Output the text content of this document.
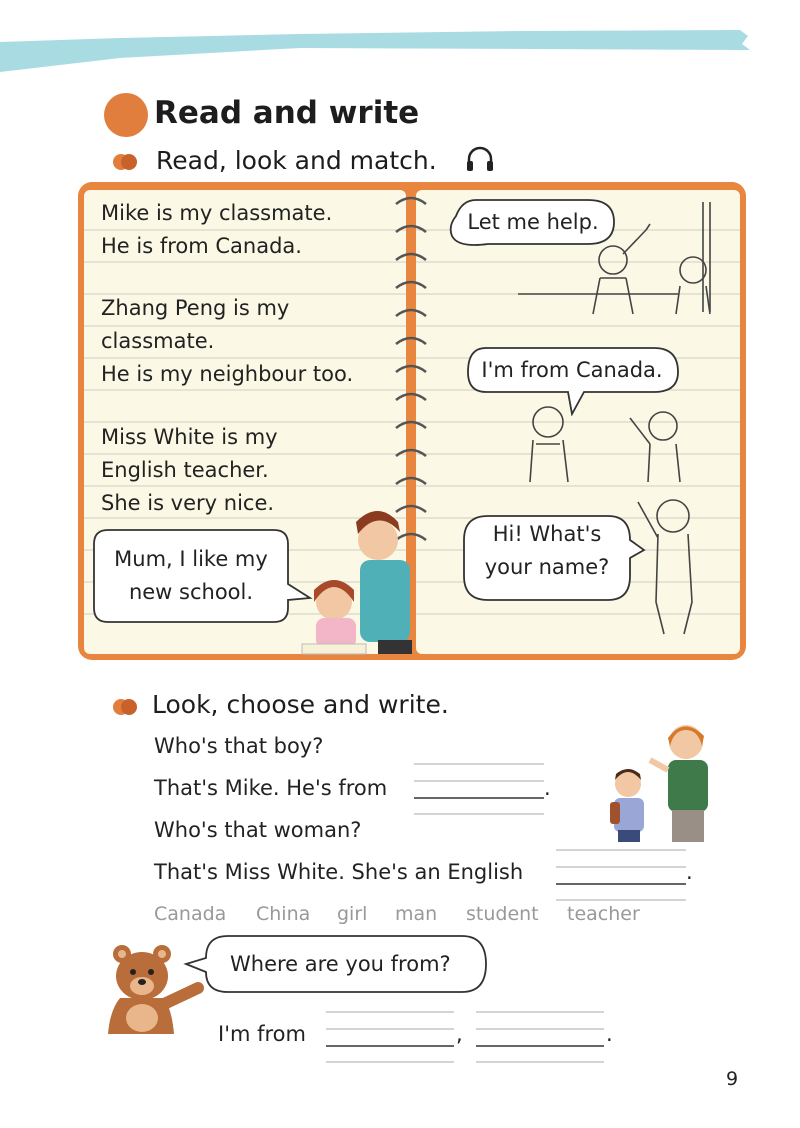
Read and write
Read, look and match.
Mike is my classmate.
He is from Canada.
Zhang Peng is my
classmate.
He is my neighbour too.
Miss White is my
English teacher.
She is very nice.
Mum, I like my
new school.
Let me help.
I'm from Canada.
Hi! What's
your name?
Look, choose and write.
Who's that boy?
That's Mike. He's from	.
Who's that woman?
That's Miss White. She's an English	.
Canada China girl man student teacher
Where are you from?
I'm from	,	.
9
